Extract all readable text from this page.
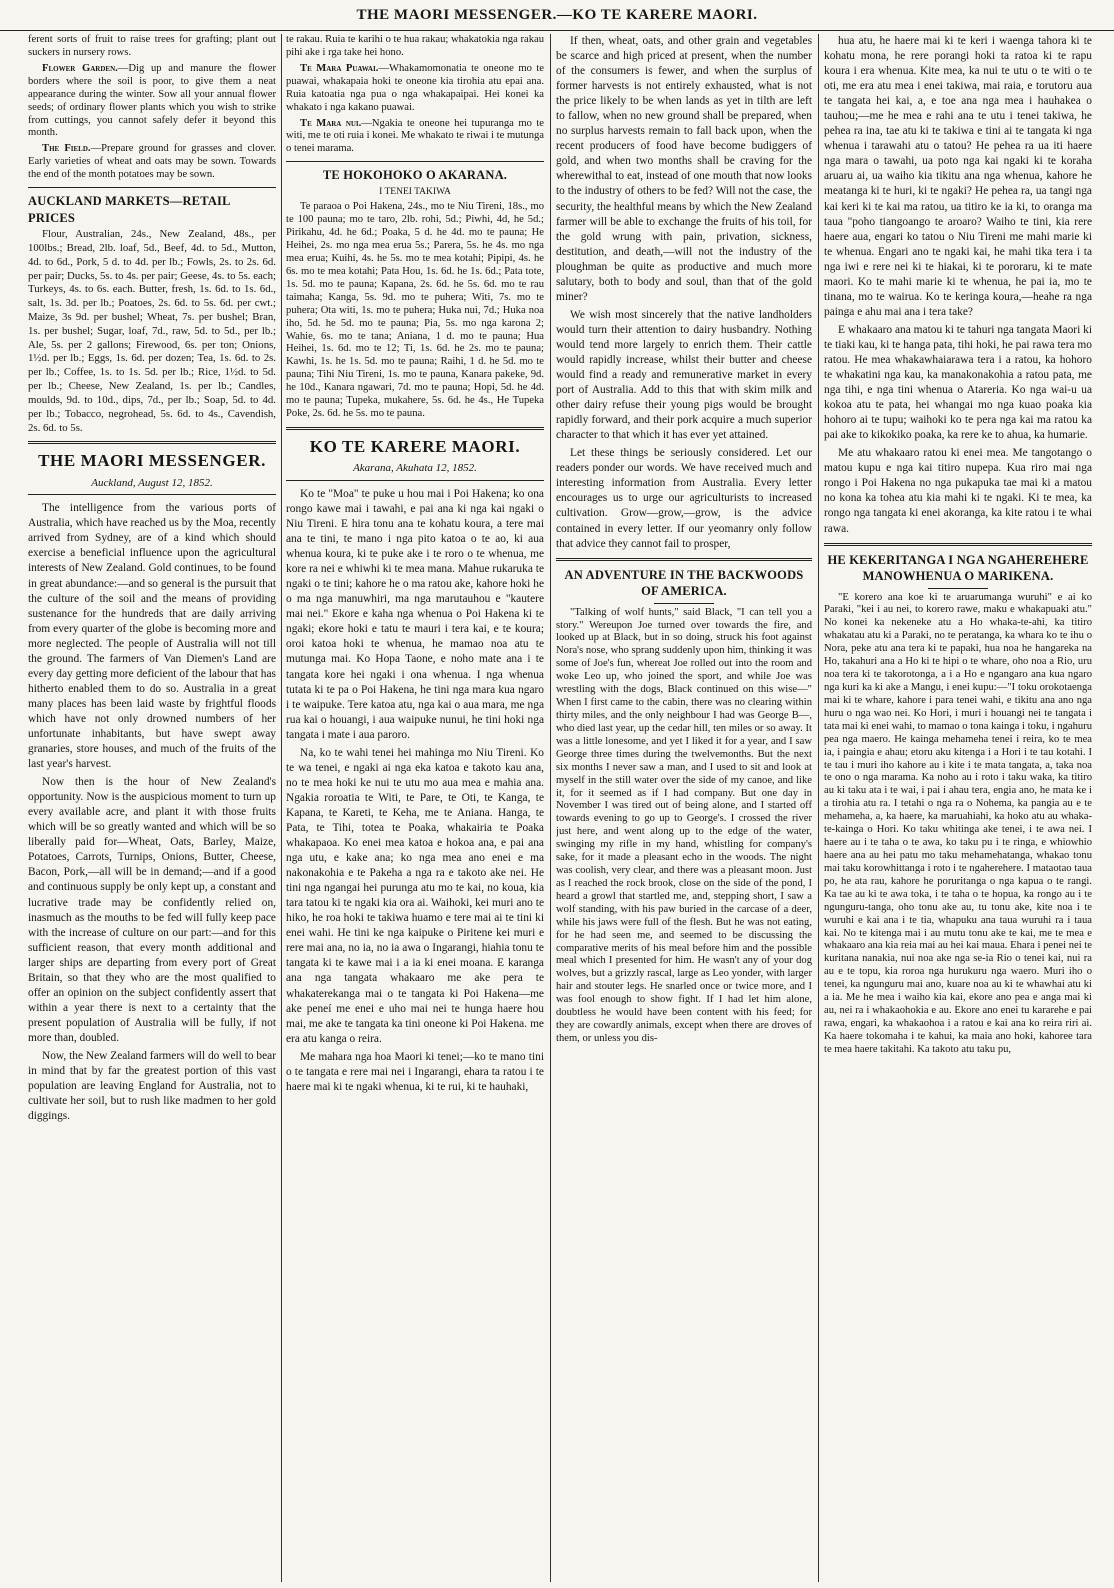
THE MAORI MESSENGER.—KO TE KARERE MAORI.

ferent sorts of fruit to raise trees for grafting; plant out suckers in nursery rows.

Flower Garden.—Dig up and manure the flower borders where the soil is poor, to give them a neat appearance during the winter. Sow all your annual flower seeds; of ordinary flower plants which you wish to strike from cuttings, you cannot safely defer it beyond this month.

The Field.—Prepare ground for grasses and clover. Early varieties of wheat and oats may be sown. Towards the end of the month potatoes may be sown.

AUCKLAND MARKETS—RETAIL PRICES

Flour, Australian, 24s., New Zealand, 48s., per 100lbs.; Bread, 2lb. loaf, 5d., Beef, 4d. to 5d., Mutton, 4d. to 6d., Pork, 5 d. to 4d. per lb.; Fowls, 2s. to 2s. 6d. per pair; Ducks, 5s. to 4s. per pair; Geese, 4s. to 5s. each; Turkeys, 4s. to 6s. each. Butter, fresh, 1s. 6d. to 1s. 6d., salt, 1s. 3d. per lb.; Poatoes, 2s. 6d. to 5s. 6d. per cwt.; Maize, 3s 9d. per bushel; Wheat, 7s. per bushel; Bran, 1s. per bushel; Sugar, loaf, 7d., raw, 5d. to 5d., per lb.; Ale, 5s. per 2 gallons; Firewood, 6s. per ton; Onions, 1½d. per lb.; Eggs, 1s. 6d. per dozen; Tea, 1s. 6d. to 2s. per lb.; Coffee, 1s. to 1s. 5d. per lb.; Rice, 1½d. to 5d. per lb.; Cheese, New Zealand, 1s. per lb.; Candles, moulds, 9d. to 10d., dips, 7d., per lb.; Soap, 5d. to 4d. per lb.; Tobacco, negrohead, 5s. 6d. to 4s., Cavendish, 2s. 6d. to 5s.

THE MAORI MESSENGER.
Auckland, August 12, 1852.

The intelligence from the various ports of Australia, which have reached us by the Moa, recently arrived from Sydney, are of a kind which should exercise a beneficial influence upon the agricultural interests of New Zealand. Gold continues, to be found in great abundance:—and so general is the pursuit that the culture of the soil and the means of providing sustenance for the hundreds that are daily arriving from every quarter of the globe is becoming more and more neglected. The people of Australia will not till the ground. The farmers of Van Diemen's Land are every day getting more deficient of the labour that has hitherto enabled them to do so. Australia in a great many places has been laid waste by frightful floods which have not only drowned numbers of her unfortunate inhabitants, but have swept away granaries, store houses, and much of the fruits of the last year's harvest.

Now then is the hour of New Zealand's opportunity. Now is the auspicious moment to turn up every available acre, and plant it with those fruits which will be so greatly wanted and which will be so liberally paid for—Wheat, Oats, Barley, Maize, Potatoes, Carrots, Turnips, Onions, Butter, Cheese, Bacon, Pork,—all will be in demand;—and if a good and continuous supply be only kept up, a constant and lucrative trade may be confidently relied on, inasmuch as the mouths to be fed will fully keep pace with the increase of culture on our part:—and for this sufficient reason, that every month additional and larger ships are departing from every port of Great Britain, so that they who are the most qualified to offer an opinion on the subject confidently assert that within a year there is next to a certainty that the present population of Australia will be fully, if not more than, doubled.

Now, the New Zealand farmers will do well to bear in mind that by far the greatest portion of this vast population are leaving England for Australia, not to cultivate her soil, but to rush like madmen to her gold diggings.

te rakau. Ruia te karihi o te hua rakau; whakatokia nga rakau pihi ake i rga take hei hono.

Te Mara Puawai.—Whakamomonatia te oneone mo te puawai, whakapaia hoki te oneone kia tirohia atu epai ana. Ruia katoatia nga pua o nga whakapaipai. Hei konei ka whakato i nga kakano puawai.

Te Mara nui.—Ngakia te oneone hei tupuranga mo te witi, me te oti ruia i konei. Me whakato te riwai i te mutunga o tenei marama.

TE HOKOHOKO O AKARANA.
I TENEI TAKIWA

Te paraoa o Poi Hakena, 24s., mo te Niu Tireni, 18s., mo te 100 pauna; mo te taro, 2lb. rohi, 5d.; Piwhi, 4d, he 5d.; Pirikahu, 4d. he 6d.; Poaka, 5 d. he 4d. mo te pauna; He Heihei, 2s. mo nga mea erua 5s.; Parera, 5s. he 4s. mo nga mea erua; Kuihi, 4s. he 5s. mo te mea kotahi; Pipipi, 4s. he 6s. mo te mea kotahi; Pata Hou, 1s. 6d. he 1s. 6d.; Pata tote, 1s. 5d. mo te pauna; Kapana, 2s. 6d. he 5s. 6d. mo te rau taimaha; Kanga, 5s. 9d. mo te puhera; Witi, 7s. mo te puhera; Ota witi, 1s. mo te puhera; Huka nui, 7d.; Huka noa iho, 5d. he 5d. mo te pauna; Pia, 5s. mo nga karona 2; Wahie, 6s. mo te tana; Aniana, 1 d. mo te pauna; Hua Heihei, 1s. 6d. mo te 12; Ti, 1s. 6d. he 2s. mo te pauna; Kawhi, 1s. he 1s. 5d. mo te pauna; Raihi, 1 d. he 5d. mo te pauna; Tihi Niu Tireni, 1s. mo te pauna, Kanara pakeke, 9d. he 10d., Kanara ngawari, 7d. mo te pauna; Hopi, 5d. he 4d. mo te pauna; Tupeka, mukahere, 5s. 6d. he 4s., He Tupeka Poke, 2s. 6d. he 5s. mo te pauna.

KO TE KARERE MAORI.
Akarana, Akuhata 12, 1852.

Ko te "Moa" te puke u hou mai i Poi Hakena; ko ona rongo kawe mai i tawahi, e pai ana ki nga kai ngaki o Niu Tireni. E hira tonu ana te kohatu koura, a tere mai ana te tini, te mano i nga pito katoa o te ao, ki aua whenua koura, ki te puke ake i te roro o te whenua, me kore ra nei e whiwhi ki te mea mana. Mahue rukaruka te ngaki o te tini; kahore he o ma ratou ake, kahore hoki he o ma nga manuwhiri, ma nga marutauhou e "kautere mai nei." Ekore e kaha nga whenua o Poi Hakena ki te ngaki; ekore hoki e tatu te mauri i tera kai, e te koura; oroi katoa hoki te whenua, he mamao noa atu te mutunga mai. Ko Hopa Taone, e noho mate ana i te tangata kore hei ngaki i ona whenua. I nga whenua tutata ki te pa o Poi Hakena, he tini nga mara kua ngaro i te waipuke. Tere katoa atu, nga kai o aua mara, me nga rua kai o houangi, i aua waipuke nunui, he tini hoki nga tangata i mate i aua paroro.

Na, ko te wahi tenei hei mahinga mo Niu Tireni. Ko te wa tenei, e ngaki ai nga eka katoa e takoto kau ana, no te mea hoki ke nui te utu mo aua mea e mahia ana. Ngakia roroatia te Witi, te Pare, te Oti, te Kanga, te Kapana, te Kareti, te Keha, me te Aniana. Hanga, te Pata, te Tihi, totea te Poaka, whakairia te Poaka whakapaoa. Ko enei mea katoa e hokoa ana, e pai ana nga utu, e kake ana; ko nga mea ano enei e ma nakonakohia e te Pakeha a nga ra e takoto ake nei. He tini nga ngangai hei purunga atu mo te kai, no koua, kia tara tatou ki te ngaki kia ora ai. Waihoki, kei muri ano te hiko, he roa hoki te takiwa huamo e tere mai ai te tini ki enei wahi. He tini ke nga kaipuke o Piritene kei muri e rere mai ana, no ia, no ia awa o Ingarangi, hiahia tonu te tangata ki te kawe mai i a ia ki enei moana. E karanga ana nga tangata whakaaro me ake pera te whakaterekanga mai o te tangata ki Poi Hakena—me ake peneí me enei e uho mai nei te hunga haere hou mai, me ake te tangata ka tini oneone ki Poi Hakena. me era atu kanga o reira.

Me mahara nga hoa Maori ki tenei;—ko te mano tini o te tangata e rere mai nei i Ingarangi, ehara ta ratou i te haere mai ki te ngaki whenua, ki te rui, ki te hauhaki,

If then, wheat, oats, and other grain and vegetables be scarce and high priced at present, when the number of the consumers is fewer, and when the surplus of former harvests is not entirely exhausted, what is not the price likely to be when lands as yet in tilth are left to fallow, when no new ground shall be prepared, when no surplus harvests remain to fall back upon, when the recent producers of food have become budiggers of gold, and when two months shall be craving for the wherewithal to eat, instead of one mouth that now looks to the industry of others to be fed? Will not the case, the security, the healthful means by which the New Zealand farmer will be able to exchange the fruits of his toil, for the gold wrung with pain, privation, sickness, destitution, and death,—will not the industry of the ploughman be quite as productive and much more salutary, both to body and soul, than that of the gold miner?

We wish most sincerely that the native landholders would turn their attention to dairy husbandry. Nothing would tend more largely to enrich them. Their cattle would rapidly increase, whilst their butter and cheese would find a ready and remunerative market in every port of Australia. Add to this that with skim milk and other dairy refuse their young pigs would be brought rapidly forward, and their pork acquire a much superior character to that which it has ever yet attained.

Let these things be seriously considered. Let our readers ponder our words. We have received much and interesting information from Australia. Every letter encourages us to urge our agriculturists to increased cultivation. Grow—grow,—grow, is the advice contained in every letter. If our yeomanry only follow that advice they cannot fail to prosper,

AN ADVENTURE IN THE BACKWOODS OF AMERICA.

"Talking of wolf hunts," said Black, "I can tell you a story." Wereupon Joe turned over towards the fire, and looked up at Black, but in so doing, struck his foot against Nora's nose, who sprang suddenly upon him, thinking it was some of Joe's fun, whereat Joe rolled out into the room and woke Leo up, who joined the sport, and while Joe was wrestling with the dogs, Black continued on this wise—" When I first came to the cabin, there was no clearing within thirty miles, and the only neighbour I had was George B—, who died last year, up the cedar hill, ten miles or so away. It was a little lonesome, and yet I liked it for a year, and I saw George three times during the twelvemonths. But the next six months I never saw a man, and I used to sit and look at myself in the still water over the side of my canoe, and like it, for it seemed as if I had company. But one day in November I was tired out of being alone, and I started off towards evening to go up to George's. I crossed the river just here, and went along up to the edge of the water, swinging my rifle in my hand, whistling for company's sake, for it made a pleasant echo in the woods. The night was coolish, very clear, and there was a pleasant moon. Just as I reached the rock brook, close on the side of the pond, I heard a growl that startled me, and, stepping short, I saw a wolf standing, with his paw buried in the carcase of a deer, while his jaws were full of the flesh. But he was not eating, for he had seen me, and seemed to be discussing the comparative merits of his meal before him and the possible meal which I presented for him. He wasn't any of your dog wolves, but a grizzly rascal, large as Leo yonder, with larger hair and stouter legs. He snarled once or twice more, and I was fool enough to show fight. If I had let him alone, doubtless he would have been content with his feed; for they are cowardly animals, except when there are droves of them, or unless you dis-

hua atu, he haere mai ki te keri i waenga tahora ki te kohatu mona, he rere porangi hoki ta ratoa ki te rapu koura i era whenua. Kite mea, ka nui te utu o te witi o te oti, me era atu mea i enei takiwa, mai raia, e torutoru aua te tangata hei kai, a, e toe ana nga mea i hauhakea o tauhou;—me he mea e rahi ana te utu i tenei takiwa, he pehea ra ina, tae atu ki te takiwa e tini ai te tangata ki nga whenua i tarawahi atu o tatou? He pehea ra ua iti haere nga mara o tawahi, ua poto nga kai ngaki ki te koraha aruaru ai, ua waiho kia tikitu ana nga whenua, kahore he meatanga ki te huri, ki te ngaki? He pehea ra, ua tangi nga kai keri ki te kai ma ratou, ua titiro ke ia ki, to oranga ma taua "poho tiangoango te aroaro? Waiho te tini, kia rere haere aua, engari ko tatou o Niu Tireni me mahi marie ki te whenua. Engari ano te ngaki kai, he mahi tika tera i ta nga iwi e rere nei ki te hiakai, ki te pororaru, ki te mate maori. Ko te mahi marie ki te whenua, he pai ia, mo te tinana, mo te wairua. Ko te keringa koura,—heahe ra nga painga e ahu mai ana i tera take?

E whakaaro ana matou ki te tahuri nga tangata Maori ki te tiaki kau, ki te hanga pata, tihi hoki, he pai rawa tera mo ratou. He mea whakawhaiarawa tera i a ratou, ka hohoro te whakatini nga kau, ka manakonakohia a ratou pata, me nga tihi, e nga tini whenua o Atareria. Ko nga wai-u ua kokoa atu te pata, hei whangai mo nga kuao poaka kia hohoro ai te tupu; waihoki ko te pera nga kai ma ratou ka pai ake to kikokiko poaka, ka rere ke to ahua, ka humarie.

Me atu whakaaro ratou ki enei mea. Me tangotango o matou kupu e nga kai titiro nupepa. Kua riro mai nga rongo i Poi Hakena no nga pukapuka tae mai ki a matou no kona ka tohea atu kia mahi ki te ngaki. Ki te mea, ka rongo nga tangata ki enei akoranga, ka kite ratou i te whai rawa.

HE KEKERITANGA I NGA NGAHEREHERE MANOWHENUA O MARIKENA.

"E korero ana koe ki te aruarumanga wuruhi" e ai ko Paraki, "kei i au nei, to korero rawe, maku e whakapuaki atu." No konei ka nekeneke atu a Ho whaka-te-ahi, ka titiro whakatau atu ki a Paraki, no te peratanga, ka whara ko te ihu o Nora, peke atu ana tera ki te papaki, hua noa he hangareka na Ho, takahuri ana a Ho ki te hipi o te whare, oho noa a Rio, uru noa tera ki te takorotonga, a i a Ho e ngangaro ana kua ngaro nga kuri ka ki ake a Mangu, i enei kupu:—"I toku orokotaenga mai ki te whare, kahore i para tenei wahi, e tikitu ana ano nga huru o nga wao nei. Ko Hori, i muri i houangi nei te tangata i tata mai ki enei wahi, to mamao o tona kainga i toku, i ngahuru pea nga maero. He kainga mehameha tenei i reira, ko te mea ia, i paingia e ahau; etoru aku kitenga i a Hori i te tau kotahi. I te tau i muri iho kahore au i kite i te mata tangata, a, taka noa te ono o nga marama. Ka noho au i roto i taku waka, ka titiro au ki taku ata i te wai, i pai i ahau tera, engia ano, he mata ke i a tirohia atu ra. I tetahi o nga ra o Nohema, ka pangia au e te mehameha, a, ka haere, ka maruahiahi, ka hoko atu au whaka-te-kainga o Hori. Ko taku whitinga ake tenei, i te awa nei. I haere au i te taha o te awa, ko taku pu i te ringa, e whiowhio haere ana au hei patu mo taku mehamehatanga, whakao tonu mai taku korowhittanga i roto i te ngaherehere. I mataotao taua po, he ata rau, kahore he poruritanga o nga kapua o te rangi. Ka tae au ki te awa toka, i te taha o te hopua, ka rongo au i te ngunguru-tanga, oho tonu ake au, tu tonu ake, kite noa i te wuruhi e kai ana i te tia, whapuku ana taua wuruhi ra i taua kai. No te kitenga mai i au mutu tonu ake te kai, me te mea e whakaaro ana kia reia mai au hei kai maua. Ehara i penei nei te kuritana nanakia, nui noa ake nga se-ia Rio o tenei kai, nui ra au e te topu, kia roroa nga hurukuru nga waero. Muri iho o tenei, ka ngunguru mai ano, kuare noa au ki te whawhai atu ki a ia. Me he mea i waiho kia kai, ekore ano pea e anga mai ki au, nei ra i whakaohokia e au. Ekore ano enei tu kararehe e pai rawa, engari, ka whakaohoa i a ratou e kai ana ko reira riri ai. Ka haere tokomaha i te kahui, ka maia ano hoki, kahoree tara te mea haere takitahi. Ka takoto atu taku pu,
